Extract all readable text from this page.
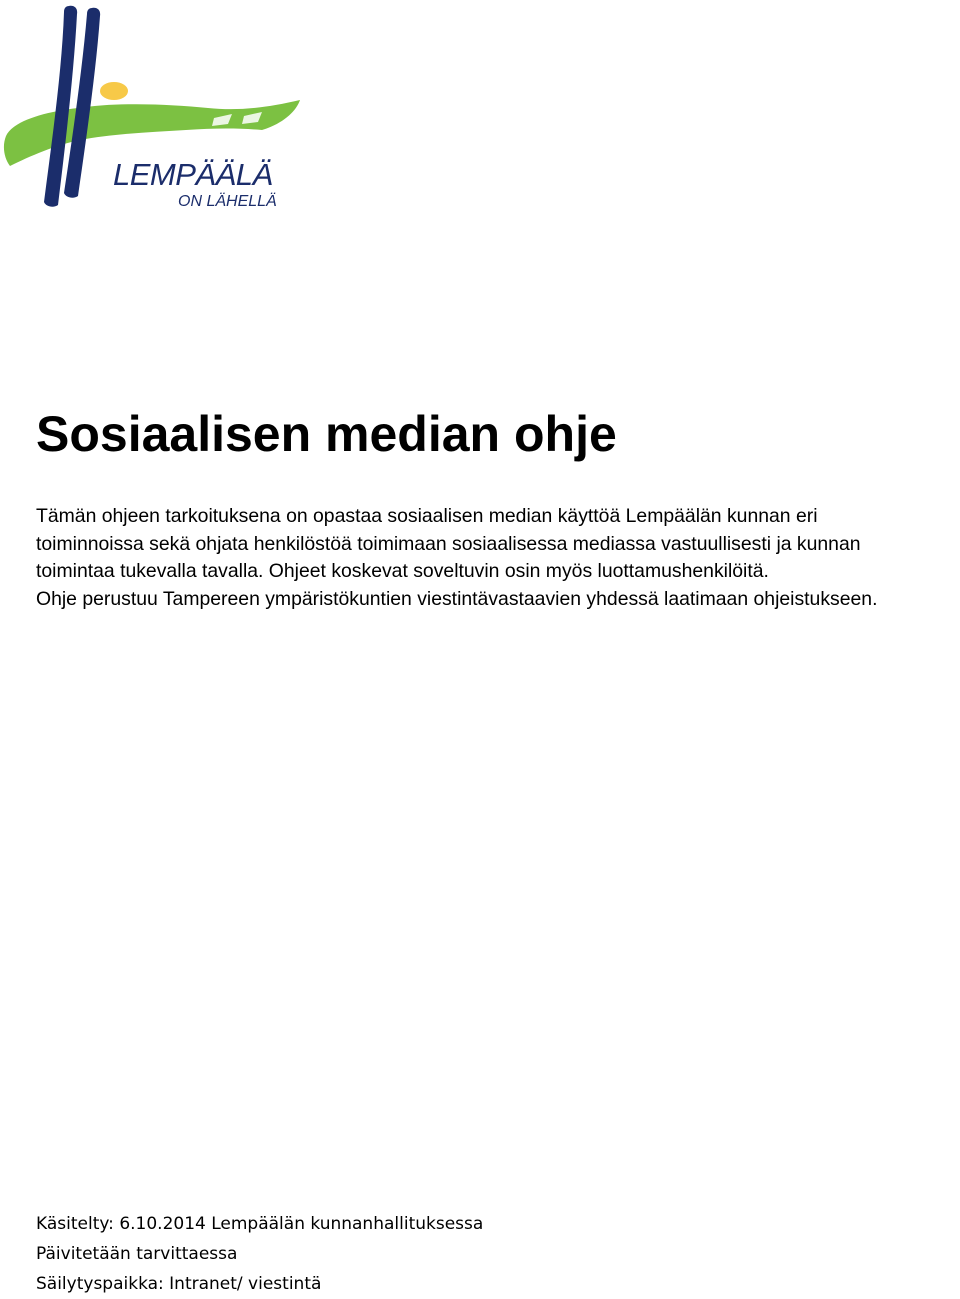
LEMPÄÄLÄ
ON LÄHELLÄ
Sosiaalisen median ohje

Tämän ohjeen tarkoituksena on opastaa sosiaalisen median käyttöä Lempäälän kunnan eri
toiminnoissa sekä ohjata henkilöstöä toimimaan sosiaalisessa mediassa vastuullisesti ja kunnan
toimintaa tukevalla tavalla. Ohjeet koskevat soveltuvin osin myös luottamushenkilöitä.
Ohje perustuu Tampereen ympäristökuntien viestintävastaavien yhdessä laatimaan ohjeistukseen.

Käsitelty: 6.10.2014 Lempäälän kunnanhallituksessa
Päivitetään tarvittaessa
Säilytyspaikka: Intranet/ viestintä
